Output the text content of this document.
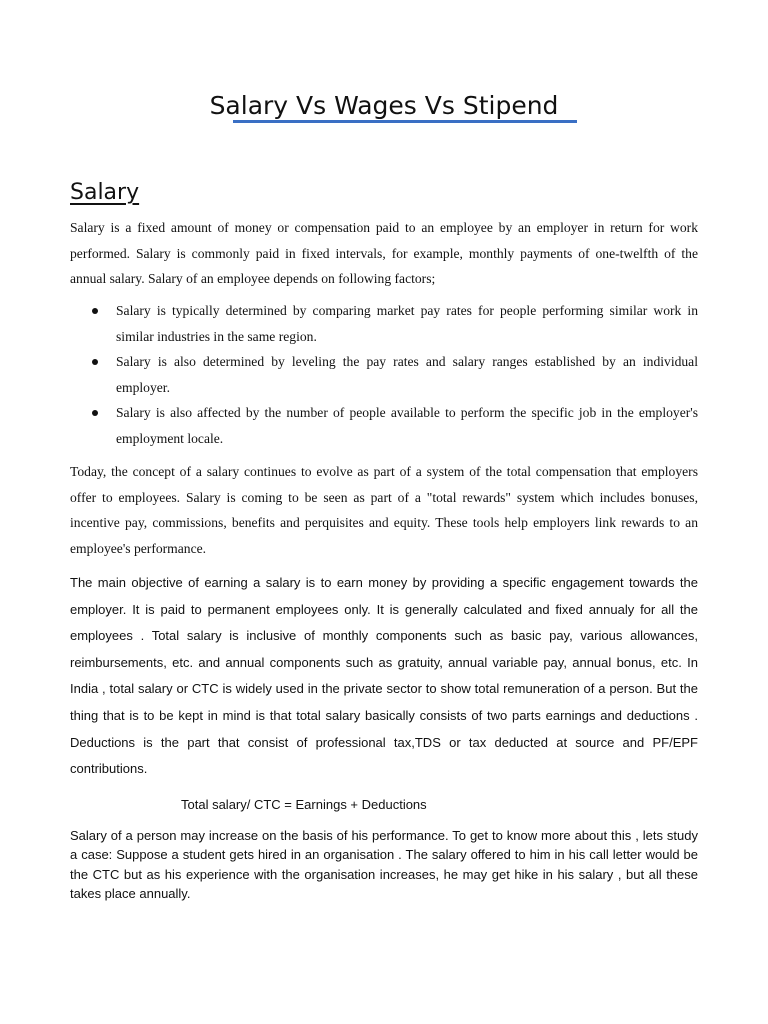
Salary Vs Wages Vs Stipend
Salary

Salary is a fixed amount of money or compensation paid to an employee by an employer in return for work performed. Salary is commonly paid in fixed intervals, for example, monthly payments of one-twelfth of the annual salary. Salary of an employee depends on following factors;

Salary is typically determined by comparing market pay rates for people performing similar work in similar industries in the same region.
Salary is also determined by leveling the pay rates and salary ranges established by an individual employer.
Salary is also affected by the number of people available to perform the specific job in the employer's employment locale.

Today, the concept of a salary continues to evolve as part of a system of the total compensation that employers offer to employees. Salary is coming to be seen as part of a "total rewards" system which includes bonuses, incentive pay, commissions, benefits and perquisites and equity. These tools help employers link rewards to an employee's performance.

The main objective of earning a salary is to earn money by providing a specific engagement towards the employer. It is paid to permanent employees only. It is generally calculated and fixed annualy for all the employees . Total salary is inclusive of monthly components such as basic pay, various allowances, reimbursements, etc. and annual components such as gratuity, annual variable pay, annual bonus, etc. In India , total salary or CTC is widely used in the private sector to show total remuneration of a person. But the thing that is to be kept in mind is that total salary basically consists of two parts earnings and deductions . Deductions is the part that consist of professional tax,TDS or tax deducted at source and PF/EPF contributions.

Total salary/ CTC = Earnings + Deductions

Salary of a person may increase on the basis of his performance. To get to know more about this , lets study a case: Suppose a student gets hired in an organisation . The salary offered to him in his call letter would be the CTC but as his experience with the organisation increases, he may get hike in his salary , but all these takes place annually.
